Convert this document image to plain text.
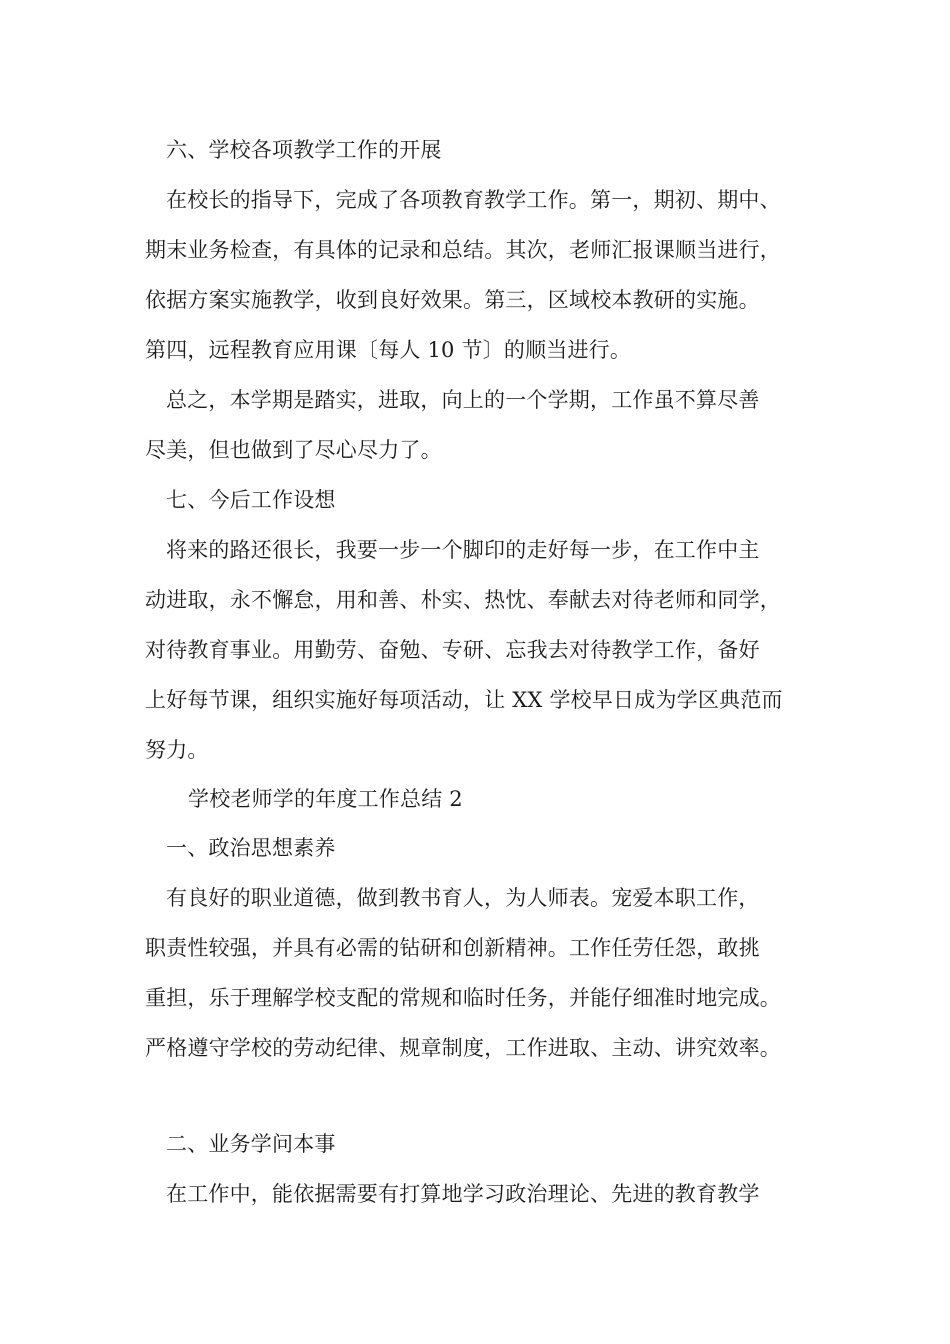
六、学校各项教学工作的开展
在校长的指导下，完成了各项教育教学工作。第一，期初、期中、
期末业务检查，有具体的记录和总结。其次，老师汇报课顺当进行，
依据方案实施教学，收到良好效果。第三，区域校本教研的实施。
第四，远程教育应用课〔每人 10 节〕的顺当进行。
总之，本学期是踏实，进取，向上的一个学期，工作虽不算尽善
尽美，但也做到了尽心尽力了。
七、今后工作设想
将来的路还很长，我要一步一个脚印的走好每一步，在工作中主
动进取，永不懈怠，用和善、朴实、热忱、奉献去对待老师和同学，
对待教育事业。用勤劳、奋勉、专研、忘我去对待教学工作，备好
上好每节课，组织实施好每项活动，让 XX 学校早日成为学区典范而
努力。
学校老师学的年度工作总结 2
一、政治思想素养
有良好的职业道德，做到教书育人，为人师表。宠爱本职工作，
职责性较强，并具有必需的钻研和创新精神。工作任劳任怨，敢挑
重担，乐于理解学校支配的常规和临时任务，并能仔细准时地完成。
严格遵守学校的劳动纪律、规章制度，工作进取、主动、讲究效率。
二、业务学问本事
在工作中，能依据需要有打算地学习政治理论、先进的教育教学
